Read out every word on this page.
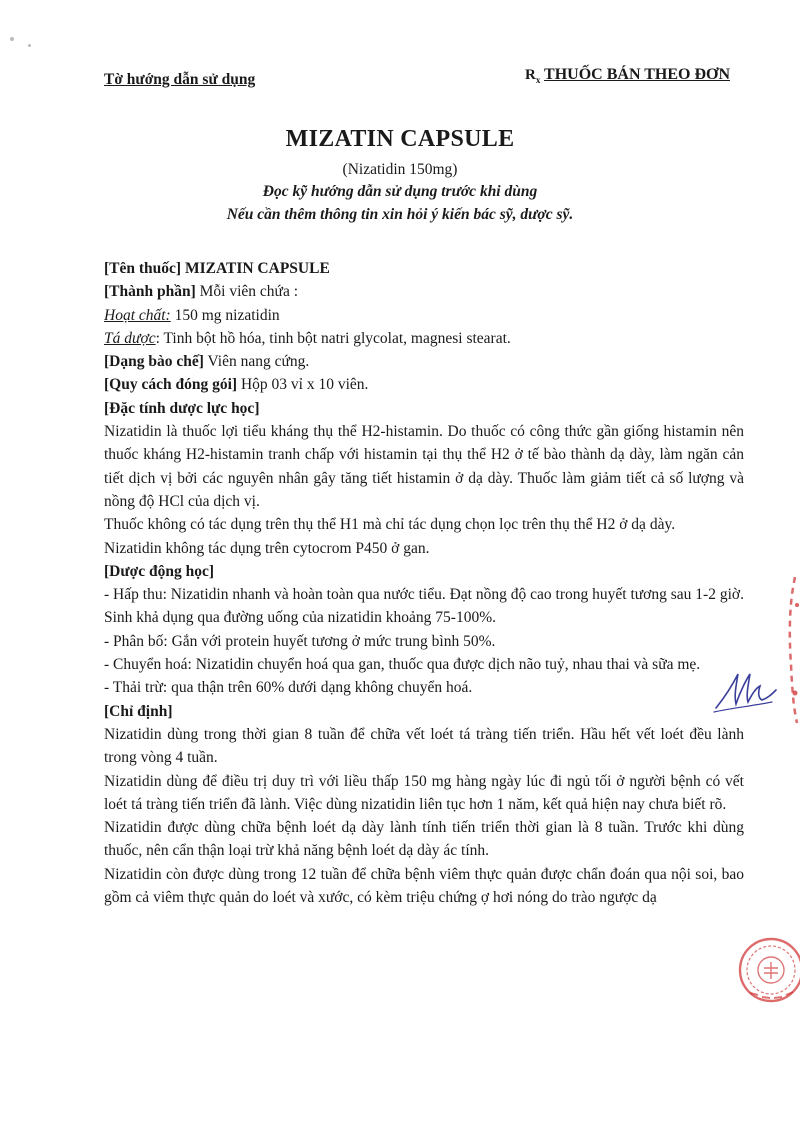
Tờ hướng dẫn sử dụng	$R_x$ THUỐC BÁN THEO ĐƠN
MIZATIN CAPSULE
(Nizatidin 150mg)
Đọc kỹ hướng dẫn sử dụng trước khi dùng
Nếu cần thêm thông tin xin hỏi ý kiến bác sỹ, dược sỹ.

[Tên thuốc] MIZATIN CAPSULE

[Thành phần] Mỗi viên chứa :

Hoạt chất: 150 mg nizatidin

Tá dược: Tinh bột hồ hóa, tinh bột natri glycolat, magnesi stearat.

[Dạng bào chế] Viên nang cứng.

[Quy cách đóng gói] Hộp 03 vỉ x 10 viên.

[Đặc tính dược lực học]

Nizatidin là thuốc lợi tiểu kháng thụ thể H2-histamin. Do thuốc có công thức gần giống histamin nên thuốc kháng H2-histamin tranh chấp với histamin tại thụ thể H2 ở tế bào thành dạ dày, làm ngăn cản tiết dịch vị bởi các nguyên nhân gây tăng tiết histamin ở dạ dày. Thuốc làm giảm tiết cả số lượng và nồng độ HCl của dịch vị.

Thuốc không có tác dụng trên thụ thể H1 mà chỉ tác dụng chọn lọc trên thụ thể H2 ở dạ dày.

Nizatidin không tác dụng trên cytocrom P450 ở gan.

[Dược động học]

- Hấp thu: Nizatidin nhanh và hoàn toàn qua nước tiểu. Đạt nồng độ cao trong huyết tương sau 1-2 giờ. Sinh khả dụng qua đường uống của nizatidin khoảng 75-100%.

- Phân bố: Gắn với protein huyết tương ở mức trung bình 50%.

- Chuyển hoá: Nizatidin chuyển hoá qua gan, thuốc qua được dịch não tuỷ, nhau thai và sữa mẹ.

- Thải trừ: qua thận trên 60% dưới dạng không chuyển hoá.

[Chỉ định]

Nizatidin dùng trong thời gian 8 tuần để chữa vết loét tá tràng tiến triển. Hầu hết vết loét đều lành trong vòng 4 tuần.

Nizatidin dùng để điều trị duy trì với liều thấp 150 mg hàng ngày lúc đi ngủ tối ở người bệnh có vết loét tá tràng tiến triển đã lành. Việc dùng nizatidin liên tục hơn 1 năm, kết quả hiện nay chưa biết rõ.

Nizatidin được dùng chữa bệnh loét dạ dày lành tính tiến triển thời gian là 8 tuần. Trước khi dùng thuốc, nên cẩn thận loại trừ khả năng bệnh loét dạ dày ác tính.

Nizatidin còn được dùng trong 12 tuần để chữa bệnh viêm thực quản được chẩn đoán qua nội soi, bao gồm cả viêm thực quản do loét và xước, có kèm triệu chứng ợ hơi nóng do trào ngược dạ
